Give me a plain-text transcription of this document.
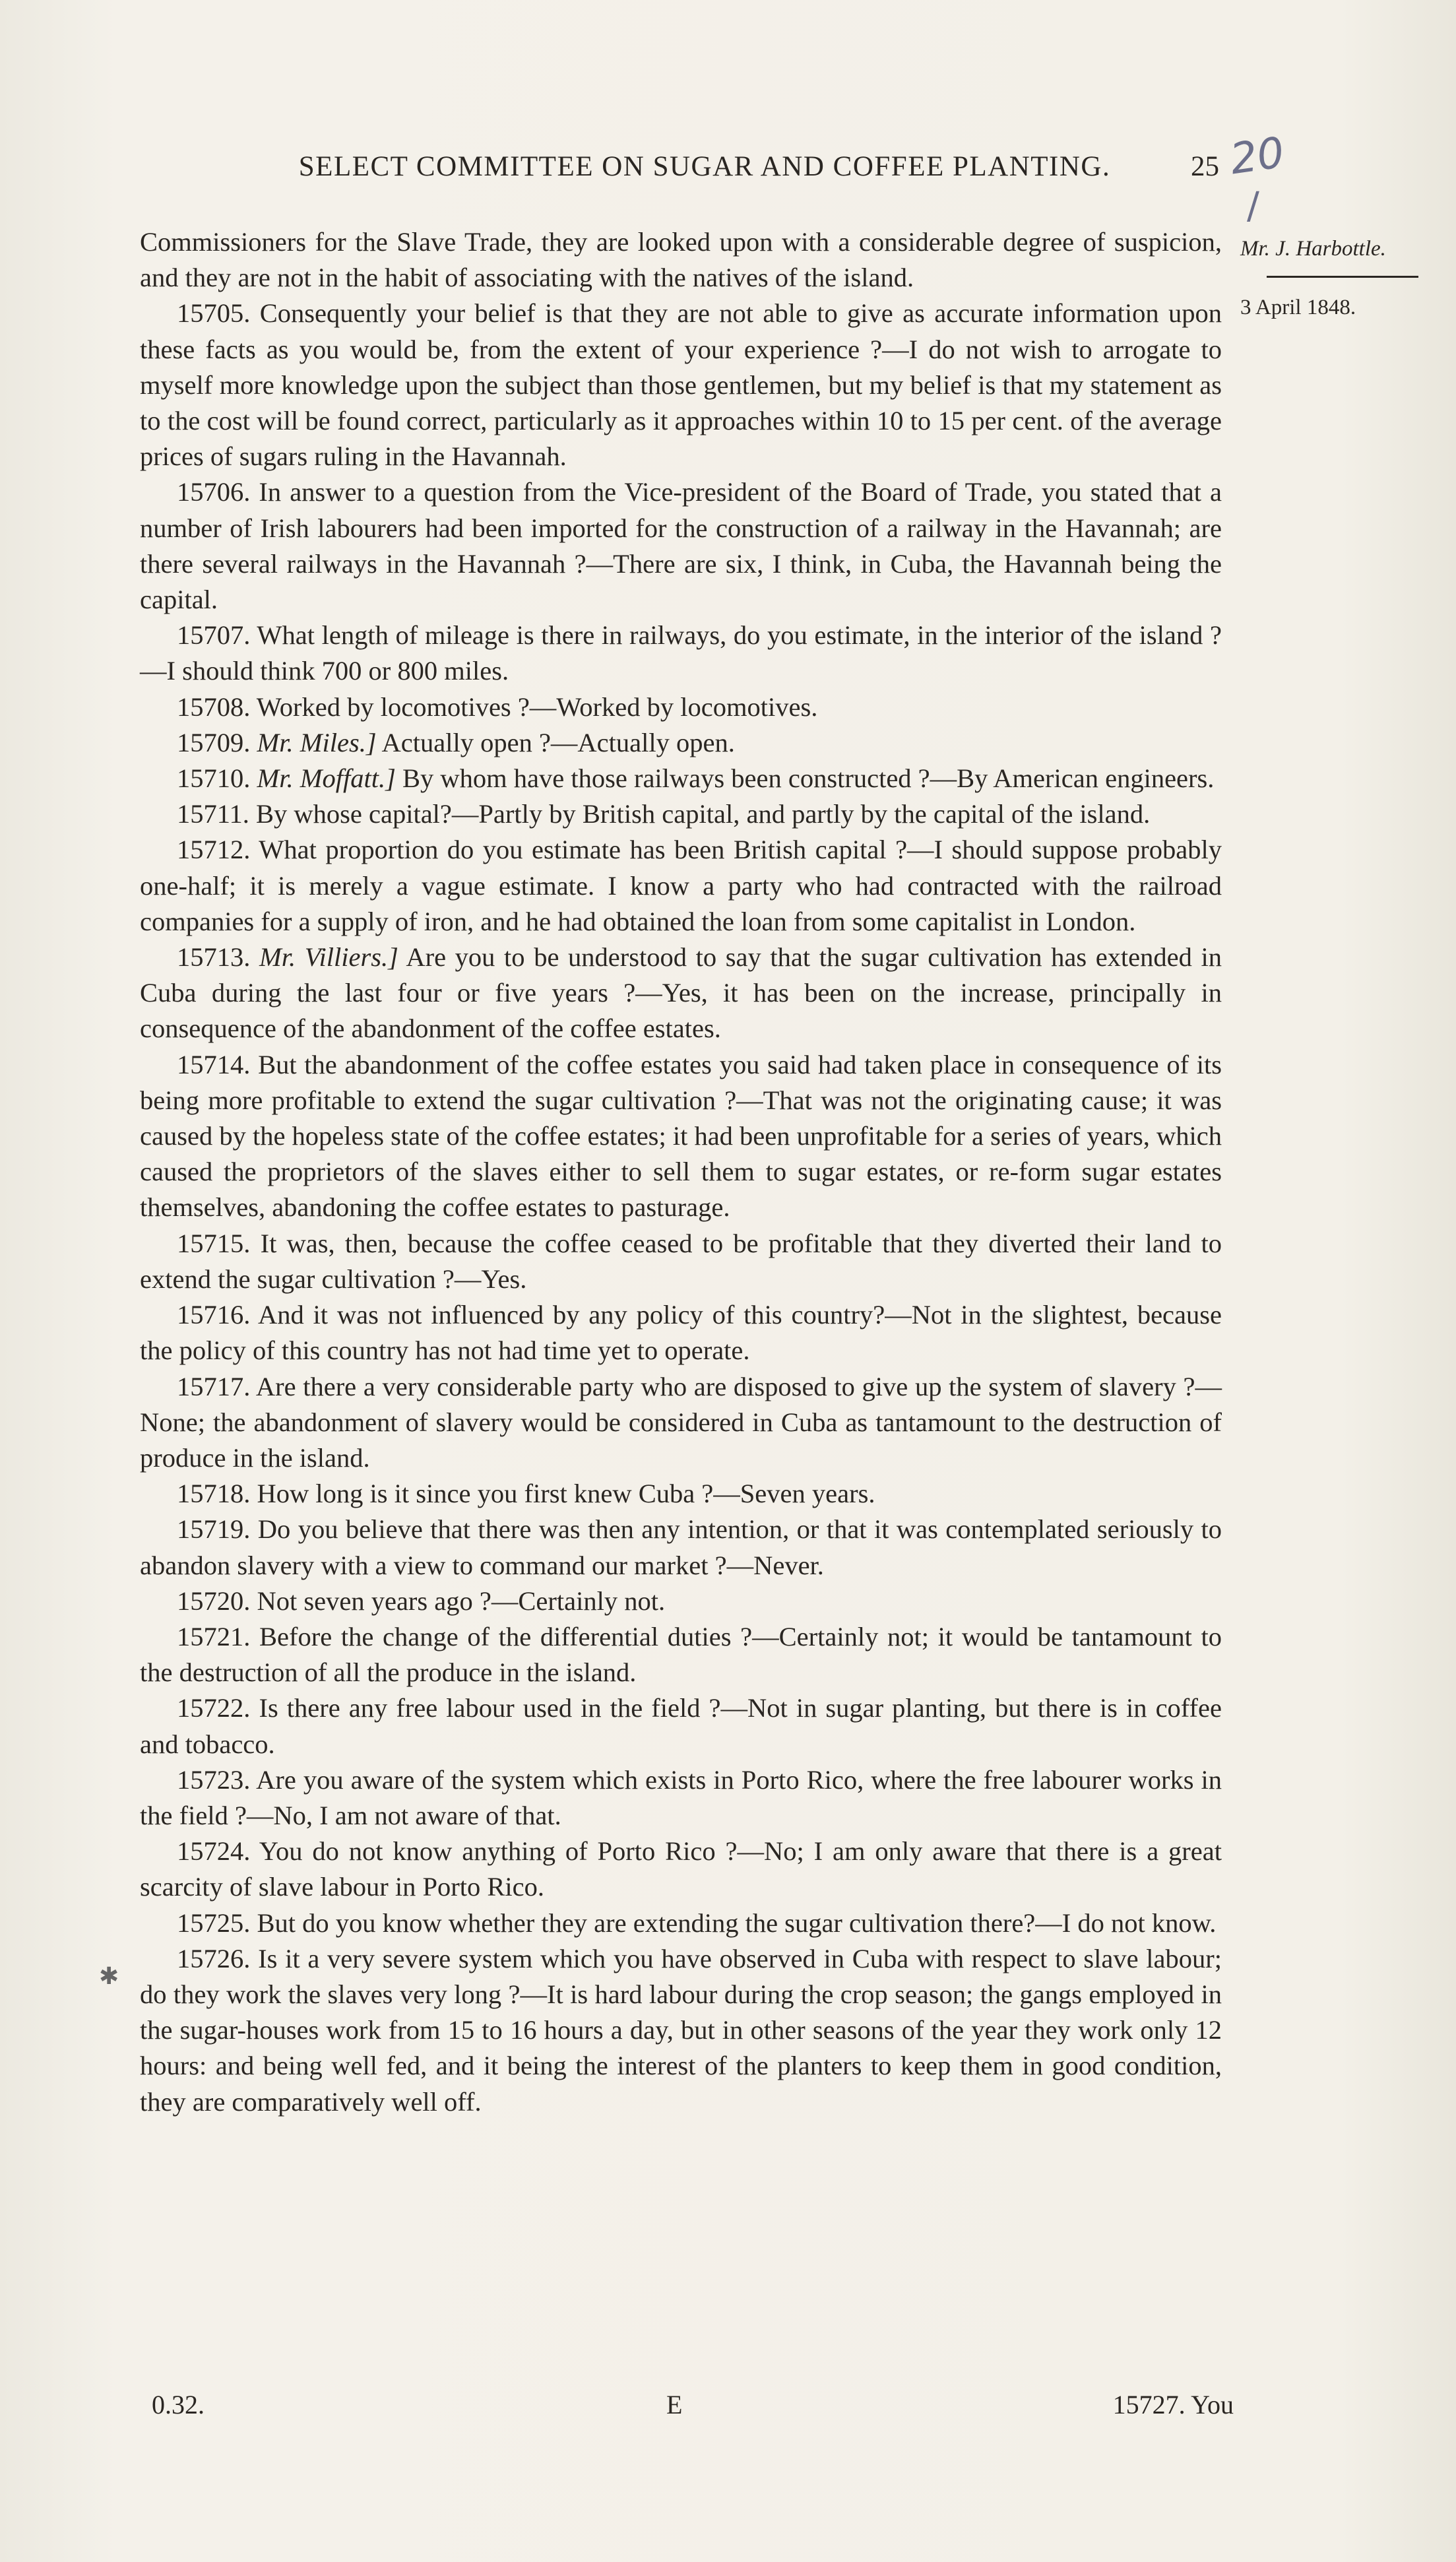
SELECT COMMITTEE ON SUGAR AND COFFEE PLANTING.	25 20
/
Mr. J. Harbottle.
3 April 1848.

Commissioners for the Slave Trade, they are looked upon with a considerable degree of suspicion, and they are not in the habit of associating with the natives of the island.

15705. Consequently your belief is that they are not able to give as accurate information upon these facts as you would be, from the extent of your experience ?—I do not wish to arrogate to myself more knowledge upon the subject than those gentlemen, but my belief is that my statement as to the cost will be found correct, particularly as it approaches within 10 to 15 per cent. of the average prices of sugars ruling in the Havannah.

15706. In answer to a question from the Vice-president of the Board of Trade, you stated that a number of Irish labourers had been imported for the construction of a railway in the Havannah; are there several railways in the Havannah ?—There are six, I think, in Cuba, the Havannah being the capital.

15707. What length of mileage is there in railways, do you estimate, in the interior of the island ?—I should think 700 or 800 miles.

15708. Worked by locomotives ?—Worked by locomotives.

15709. Mr. Miles.] Actually open ?—Actually open.

15710. Mr. Moffatt.] By whom have those railways been constructed ?—By American engineers.

15711. By whose capital?—Partly by British capital, and partly by the capital of the island.

15712. What proportion do you estimate has been British capital ?—I should suppose probably one-half; it is merely a vague estimate. I know a party who had contracted with the railroad companies for a supply of iron, and he had obtained the loan from some capitalist in London.

15713. Mr. Villiers.] Are you to be understood to say that the sugar cultivation has extended in Cuba during the last four or five years ?—Yes, it has been on the increase, principally in consequence of the abandonment of the coffee estates.

15714. But the abandonment of the coffee estates you said had taken place in consequence of its being more profitable to extend the sugar cultivation ?—That was not the originating cause; it was caused by the hopeless state of the coffee estates; it had been unprofitable for a series of years, which caused the proprietors of the slaves either to sell them to sugar estates, or re-form sugar estates themselves, abandoning the coffee estates to pasturage.

15715. It was, then, because the coffee ceased to be profitable that they diverted their land to extend the sugar cultivation ?—Yes.

15716. And it was not influenced by any policy of this country?—Not in the slightest, because the policy of this country has not had time yet to operate.

15717. Are there a very considerable party who are disposed to give up the system of slavery ?—None; the abandonment of slavery would be considered in Cuba as tantamount to the destruction of produce in the island.

15718. How long is it since you first knew Cuba ?—Seven years.

15719. Do you believe that there was then any intention, or that it was contemplated seriously to abandon slavery with a view to command our market ?—Never.

15720. Not seven years ago ?—Certainly not.

15721. Before the change of the differential duties ?—Certainly not; it would be tantamount to the destruction of all the produce in the island.

15722. Is there any free labour used in the field ?—Not in sugar planting, but there is in coffee and tobacco.

15723. Are you aware of the system which exists in Porto Rico, where the free labourer works in the field ?—No, I am not aware of that.

15724. You do not know anything of Porto Rico ?—No; I am only aware that there is a great scarcity of slave labour in Porto Rico.

15725. But do you know whether they are extending the sugar cultivation there?—I do not know.

15726. Is it a very severe system which you have observed in Cuba with respect to slave labour; do they work the slaves very long ?—It is hard labour during the crop season; the gangs employed in the sugar-houses work from 15 to 16 hours a day, but in other seasons of the year they work only 12 hours: and being well fed, and it being the interest of the planters to keep them in good condition, they are comparatively well off.

✱
0.32.	E	15727. You
